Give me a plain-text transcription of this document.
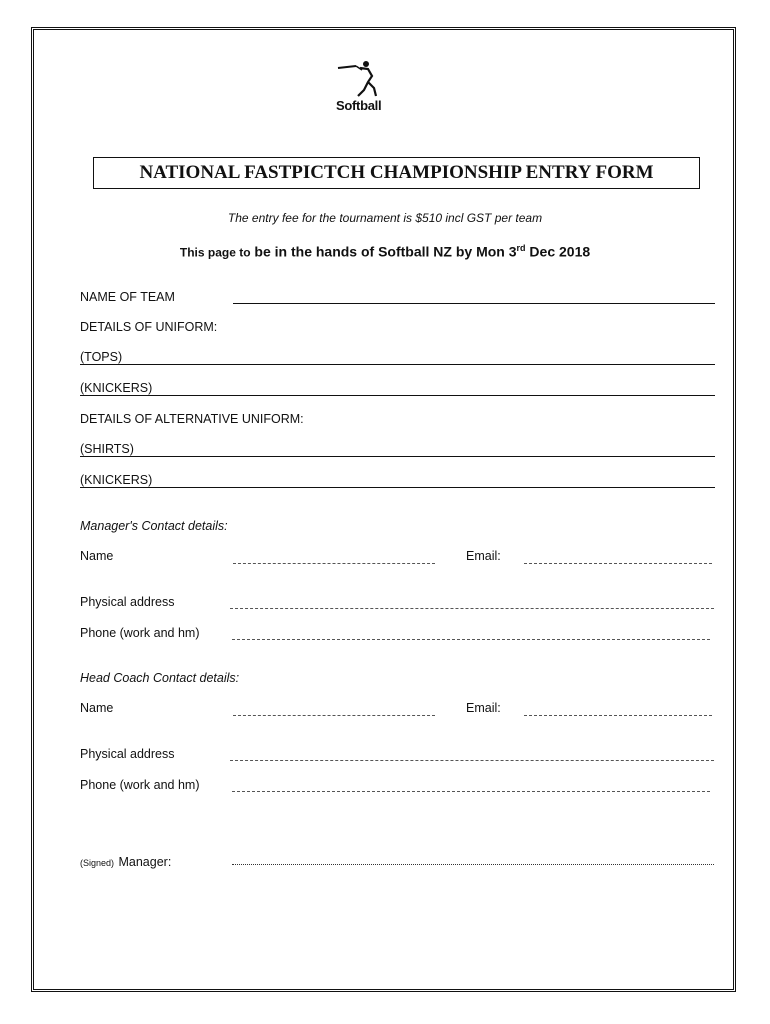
Softball
NATIONAL FASTPICTCH CHAMPIONSHIP ENTRY FORM
The entry fee for the tournament is $510 incl GST per team
This page to be in the hands of Softball NZ by Mon 3rd Dec 2018
NAME OF TEAM
DETAILS OF UNIFORM:
(TOPS)
(KNICKERS)
DETAILS OF ALTERNATIVE UNIFORM:
(SHIRTS)
(KNICKERS)
Manager's Contact details:
Name	Email:
Physical address
Phone (work and hm)
Head Coach Contact details:
Name	Email:
Physical address
Phone (work and hm)
(Signed) Manager:
